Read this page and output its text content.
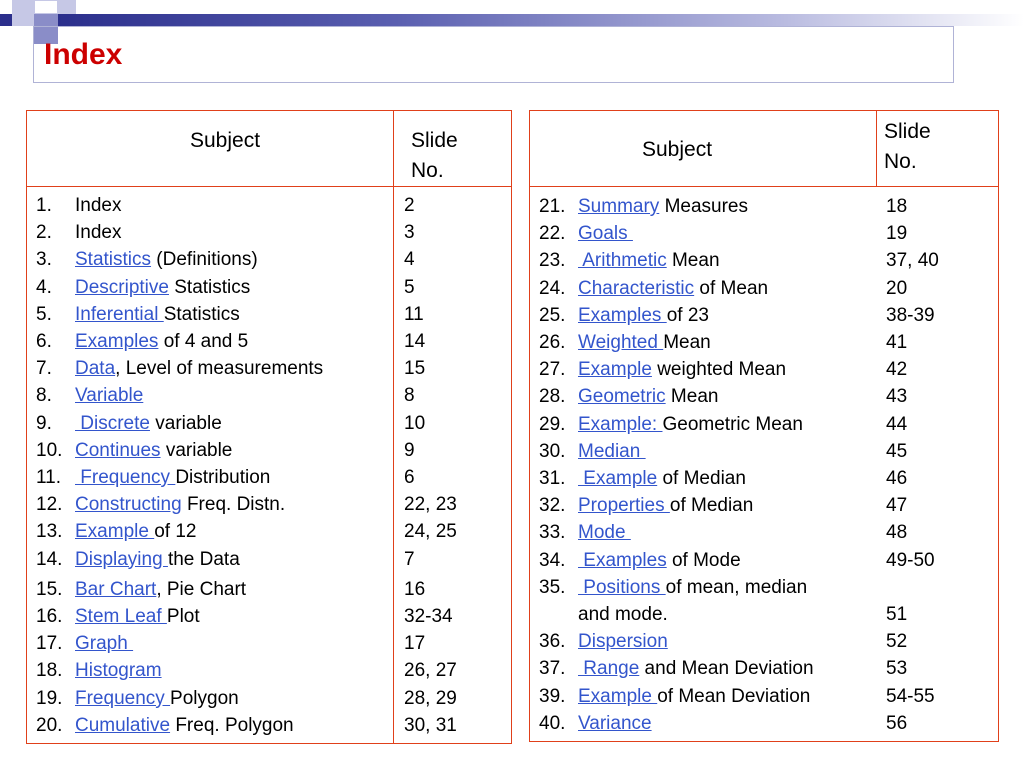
Index
Subject	Slide
No.
1. Index	2
2. Index	3
3. Statistics (Definitions)	4
4. Descriptive Statistics	5
5. Inferential Statistics	11
6. Examples of 4 and 5	14
7. Data, Level of measurements	15
8. Variable	8
9. Discrete variable	10
10. Continues variable	9
11. Frequency Distribution	6
12. Constructing Freq. Distn.	22, 23
13. Example of 12	24, 25
14. Displaying the Data	7
15. Bar Chart, Pie Chart	16
16. Stem Leaf Plot	32-34
17. Graph	17
18. Histogram	26, 27
19. Frequency Polygon	28, 29
20. Cumulative Freq. Polygon	30, 31
Subject
Slide
No.
21. Summary Measures	18
22. Goals	19
23. Arithmetic Mean	37, 40
24. Characteristic of Mean	20
25. Examples of 23	38-39
26. Weighted Mean	41
27. Example weighted Mean	42
28. Geometric Mean	43
29. Example: Geometric Mean	44
30. Median	45
31. Example of Median	46
32. Properties of Median	47
33. Mode	48
34. Examples of Mode	49-50
35. Positions of mean, median
and mode.	51
36. Dispersion	52
37. Range and Mean Deviation	53
39. Example of Mean Deviation	54-55
40. Variance	56
